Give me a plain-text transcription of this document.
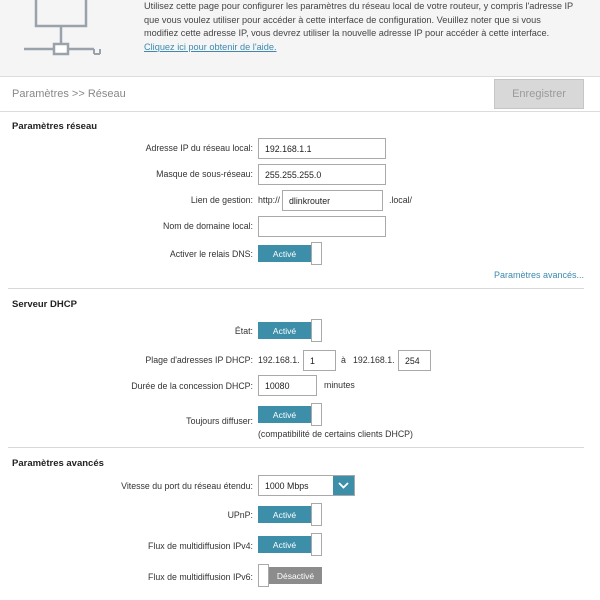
Utilisez cette page pour configurer les paramètres du réseau local de votre routeur, y compris l'adresse IP
que vous voulez utiliser pour accéder à cette interface de configuration. Veuillez noter que si vous
modifiez cette adresse IP, vous devrez utiliser la nouvelle adresse IP pour accéder à cette interface.
Cliquez ici pour obtenir de l'aide.
Paramètres >> Réseau	Enregistrer
Paramètres réseau
Adresse IP du réseau local:	192.168.1.1
Masque de sous-réseau:	255.255.255.0
Lien de gestion: http://	dlinkrouter	.local/
Nom de domaine local:
Activer le relais DNS:	Activé
Paramètres avancés...
Serveur DHCP
État:	Activé
Plage d'adresses IP DHCP: 192.168.1.	1	à 192.168.1.	254
Durée de la concession DHCP:	10080	minutes
Toujours diffuser:
Activé
(compatibilité de certains clients DHCP)
Paramètres avancés
Vitesse du port du réseau étendu: 1000 Mbps
UPnP:	Activé
Flux de multidiffusion IPv4:	Activé
Flux de multidiffusion IPv6:	Désactivé
